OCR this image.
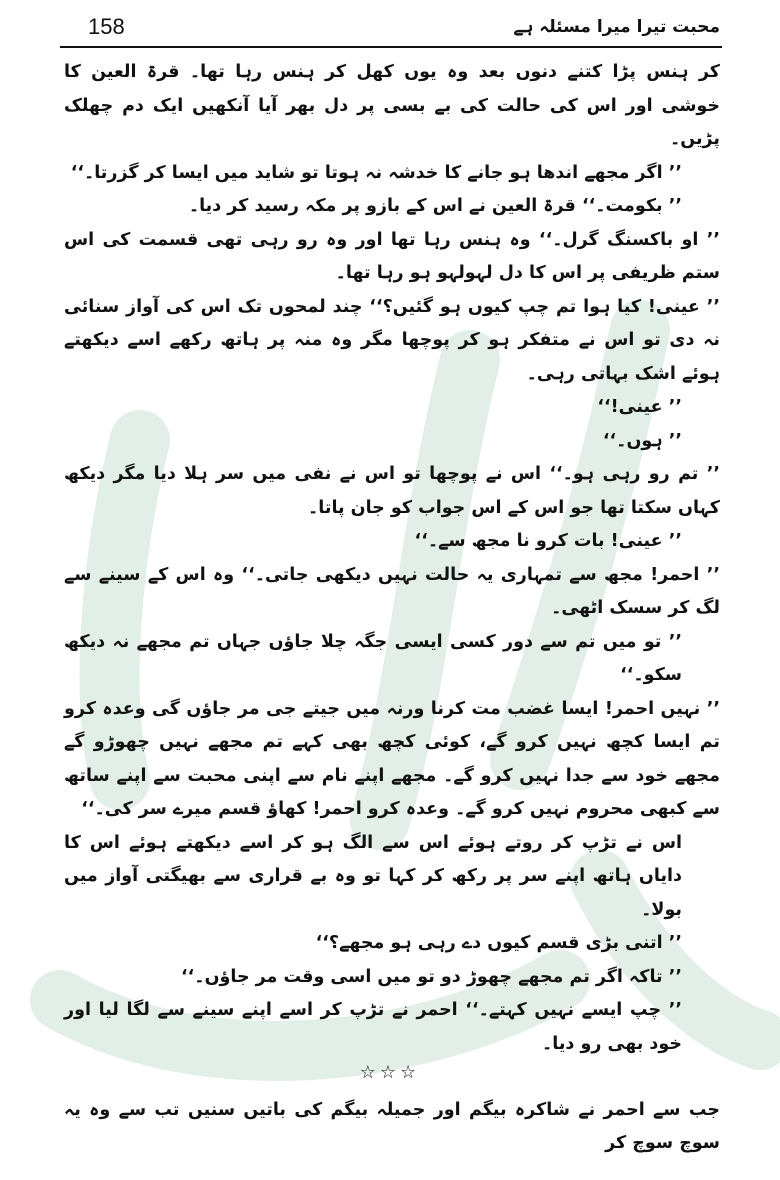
158	محبت تیرا میرا مسئلہ ہے

کر ہنس پڑا کتنے دنوں بعد وہ یوں کھل کر ہنس رہا تھا۔ قرۃ العین کا خوشی اور اس کی حالت کی بے بسی پر دل بھر آیا آنکھیں ایک دم چھلک پڑیں۔

’’ اگر مجھے اندھا ہو جانے کا خدشہ نہ ہوتا تو شاید میں ایسا کر گزرتا۔‘‘

’’ بکومت۔‘‘ قرۃ العین نے اس کے بازو پر مکہ رسید کر دیا۔

’’ او باکسنگ گرل۔‘‘ وہ ہنس رہا تھا اور وہ رو رہی تھی قسمت کی اس ستم ظریفی پر اس کا دل لہولہو ہو رہا تھا۔

’’ عینی! کیا ہوا تم چپ کیوں ہو گئیں؟‘‘ چند لمحوں تک اس کی آواز سنائی نہ دی تو اس نے متفکر ہو کر پوچھا مگر وہ منہ پر ہاتھ رکھے اسے دیکھتے ہوئے اشک بہاتی رہی۔

’’ عینی!‘‘

’’ ہوں۔‘‘

’’ تم رو رہی ہو۔‘‘ اس نے پوچھا تو اس نے نفی میں سر ہلا دیا مگر دیکھ کہاں سکتا تھا جو اس کے اس جواب کو جان پاتا۔

’’ عینی! بات کرو نا مجھ سے۔‘‘

’’ احمر! مجھ سے تمہاری یہ حالت نہیں دیکھی جاتی۔‘‘ وہ اس کے سینے سے لگ کر سسک اٹھی۔

’’ تو میں تم سے دور کسی ایسی جگہ چلا جاؤں جہاں تم مجھے نہ دیکھ سکو۔‘‘

’’ نہیں احمر! ایسا غضب مت کرنا ورنہ میں جیتے جی مر جاؤں گی وعدہ کرو تم ایسا کچھ نہیں کرو گے، کوئی کچھ بھی کہے تم مجھے نہیں چھوڑو گے مجھے خود سے جدا نہیں کرو گے۔ مجھے اپنے نام سے اپنی محبت سے اپنے ساتھ سے کبھی محروم نہیں کرو گے۔ وعدہ کرو احمر! کھاؤ قسم میرے سر کی۔‘‘

اس نے تڑپ کر روتے ہوئے اس سے الگ ہو کر اسے دیکھتے ہوئے اس کا دایاں ہاتھ اپنے سر پر رکھ کر کہا تو وہ بے قراری سے بھیگتی آواز میں بولا۔

’’ اتنی بڑی قسم کیوں دے رہی ہو مجھے؟‘‘

’’ تاکہ اگر تم مجھے چھوڑ دو تو میں اسی وقت مر جاؤں۔‘‘

’’ چپ ایسے نہیں کہتے۔‘‘ احمر نے تڑپ کر اسے اپنے سینے سے لگا لیا اور خود بھی رو دیا۔

☆☆☆
جب سے احمر نے شاکرہ بیگم اور جمیلہ بیگم کی باتیں سنیں تب سے وہ یہ سوچ سوچ کر
